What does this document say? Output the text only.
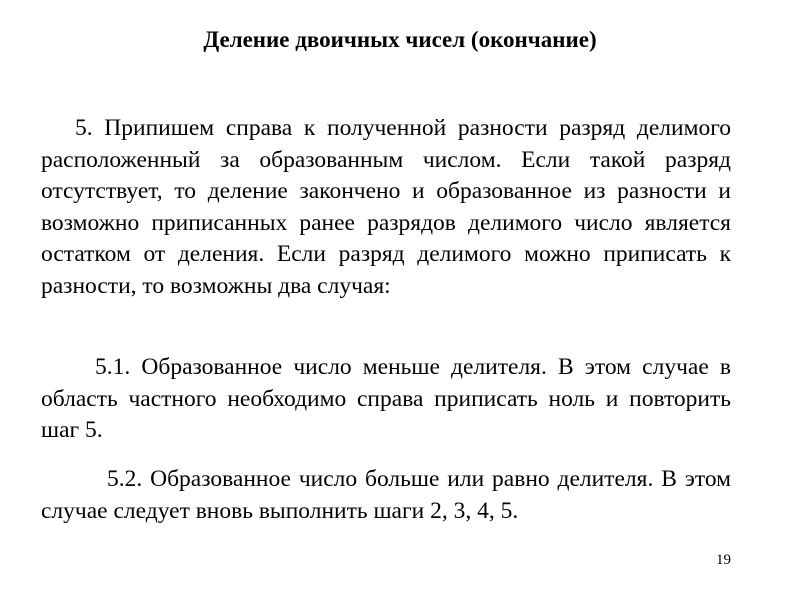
Деление двоичных чисел (окончание)

5. Припишем справа к полученной разности разряд делимого расположенный за образованным числом. Если такой разряд отсутствует, то деление закончено и образованное из разности и возможно приписанных ранее разрядов делимого число является остатком от деления. Если разряд делимого можно приписать к разности, то возможны два случая:

5.1. Образованное число меньше делителя. В этом случае в область частного необходимо справа приписать ноль и повторить шаг 5.

5.2. Образованное число больше или равно делителя. В этом случае следует вновь выполнить шаги 2, 3, 4, 5.

19
